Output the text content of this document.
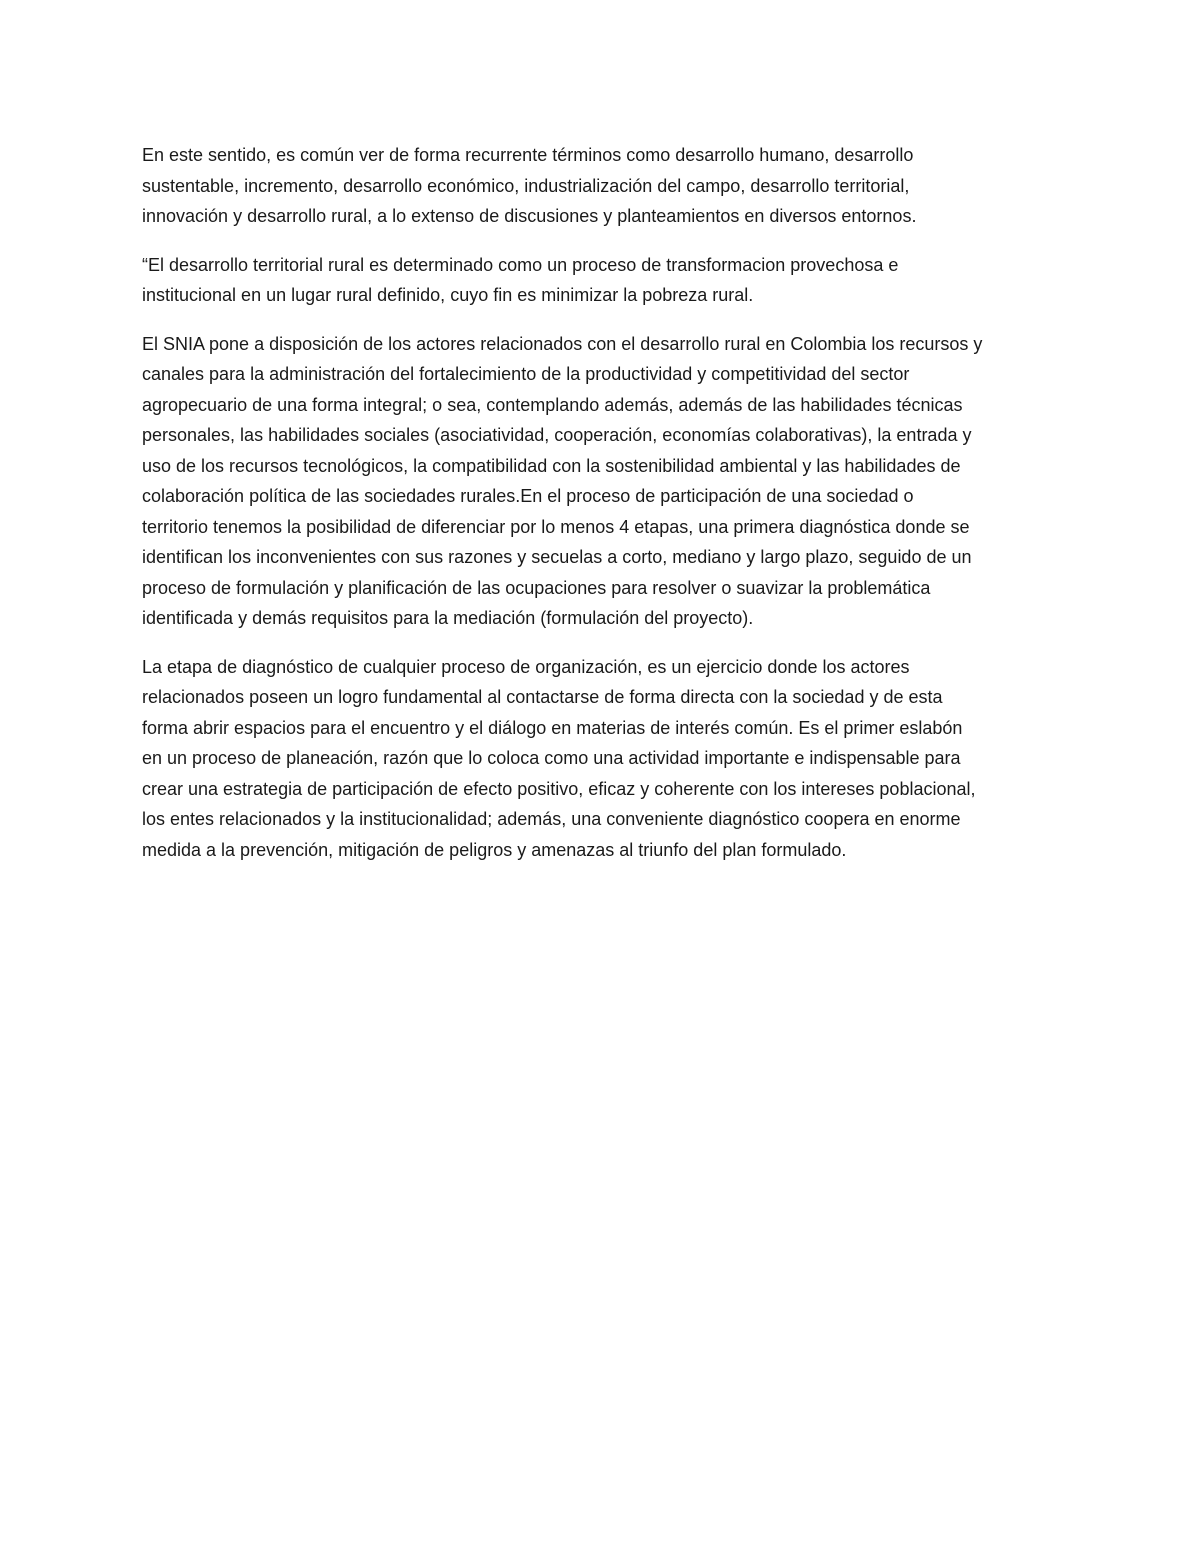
En este sentido, es común ver de forma recurrente términos como desarrollo humano, desarrollo
sustentable, incremento, desarrollo económico, industrialización del campo, desarrollo territorial,
innovación y desarrollo rural, a lo extenso de discusiones y planteamientos en diversos entornos.

“El desarrollo territorial rural es determinado como un proceso de transformacion provechosa e
institucional en un lugar rural definido, cuyo fin es minimizar la pobreza rural.

El SNIA pone a disposición de los actores relacionados con el desarrollo rural en Colombia los recursos y
canales para la administración del fortalecimiento de la productividad y competitividad del sector
agropecuario de una forma integral; o sea, contemplando además, además de las habilidades técnicas
personales, las habilidades sociales (asociatividad, cooperación, economías colaborativas), la entrada y
uso de los recursos tecnológicos, la compatibilidad con la sostenibilidad ambiental y las habilidades de
colaboración política de las sociedades rurales.En el proceso de participación de una sociedad o
territorio tenemos la posibilidad de diferenciar por lo menos 4 etapas, una primera diagnóstica donde se
identifican los inconvenientes con sus razones y secuelas a corto, mediano y largo plazo, seguido de un
proceso de formulación y planificación de las ocupaciones para resolver o suavizar la problemática
identificada y demás requisitos para la mediación (formulación del proyecto).

La etapa de diagnóstico de cualquier proceso de organización, es un ejercicio donde los actores
relacionados poseen un logro fundamental al contactarse de forma directa con la sociedad y de esta
forma abrir espacios para el encuentro y el diálogo en materias de interés común. Es el primer eslabón
en un proceso de planeación, razón que lo coloca como una actividad importante e indispensable para
crear una estrategia de participación de efecto positivo, eficaz y coherente con los intereses poblacional,
los entes relacionados y la institucionalidad; además, una conveniente diagnóstico coopera en enorme
medida a la prevención, mitigación de peligros y amenazas al triunfo del plan formulado.
